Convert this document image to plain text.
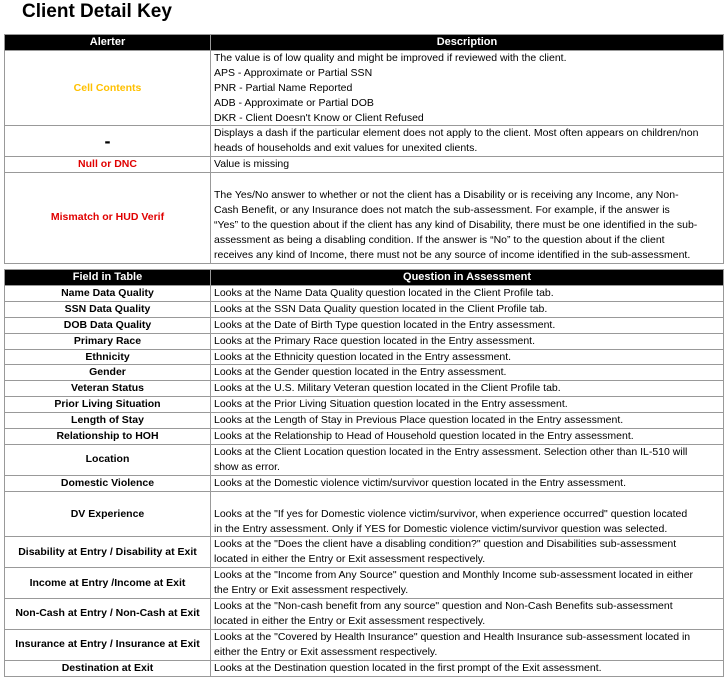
Client Detail Key
Alerter	Description
Cell Contents	The value is of low quality and might be improved if reviewed with the client.
APS - Approximate or Partial SSN
PNR - Partial Name Reported
ADB - Approximate or Partial DOB
DKR - Client Doesn't Know or Client Refused

-	Displays a dash if the particular element does not apply to the client. Most often appears on children/non
heads of households and exit values for unexited clients.

Null or DNC	Value is missing

Mismatch or HUD Verif	The Yes/No answer to whether or not the client has a Disability or is receiving any Income, any Non-
Cash Benefit, or any Insurance does not match the sub-assessment. For example, if the answer is
“Yes” to the question about if the client has any kind of Disability, there must be one identified in the sub-
assessment as being a disabling condition. If the answer is “No” to the question about if the client
receives any kind of Income, there must not be any source of income identified in the sub-assessment.
Field in Table	Question in Assessment
Name Data Quality	Looks at the Name Data Quality question located in the Client Profile tab.

SSN Data Quality	Looks at the SSN Data Quality question located in the Client Profile tab.

DOB Data Quality	Looks at the Date of Birth Type question located in the Entry assessment.

Primary Race	Looks at the Primary Race question located in the Entry assessment.

Ethnicity	Looks at the Ethnicity question located in the Entry assessment.

Gender	Looks at the Gender question located in the Entry assessment.

Veteran Status	Looks at the U.S. Military Veteran question located in the Client Profile tab.

Prior Living Situation	Looks at the Prior Living Situation question located in the Entry assessment.

Length of Stay	Looks at the Length of Stay in Previous Place question located in the Entry assessment.

Relationship to HOH	Looks at the Relationship to Head of Household question located in the Entry assessment.

Location	Looks at the Client Location question located in the Entry assessment. Selection other than IL-510 will
show as error.

Domestic Violence	Looks at the Domestic violence victim/survivor question located in the Entry assessment.

DV Experience	Looks at the "If yes for Domestic violence victim/survivor, when experience occurred" question located
in the Entry assessment. Only if YES for Domestic violence victim/survivor question was selected.

Disability at Entry / Disability at Exit	Looks at the "Does the client have a disabling condition?" question and Disabilities sub-assessment
located in either the Entry or Exit assessment respectively.

Income at Entry /Income at Exit	Looks at the "Income from Any Source" question and Monthly Income sub-assessment located in either
the Entry or Exit assessment respectively.

Non-Cash at Entry / Non-Cash at Exit	Looks at the "Non-cash benefit from any source" question and Non-Cash Benefits sub-assessment
located in either the Entry or Exit assessment respectively.

Insurance at Entry / Insurance at Exit	Looks at the "Covered by Health Insurance" question and Health Insurance sub-assessment located in
either the Entry or Exit assessment respectively.

Destination at Exit	Looks at the Destination question located in the first prompt of the Exit assessment.
